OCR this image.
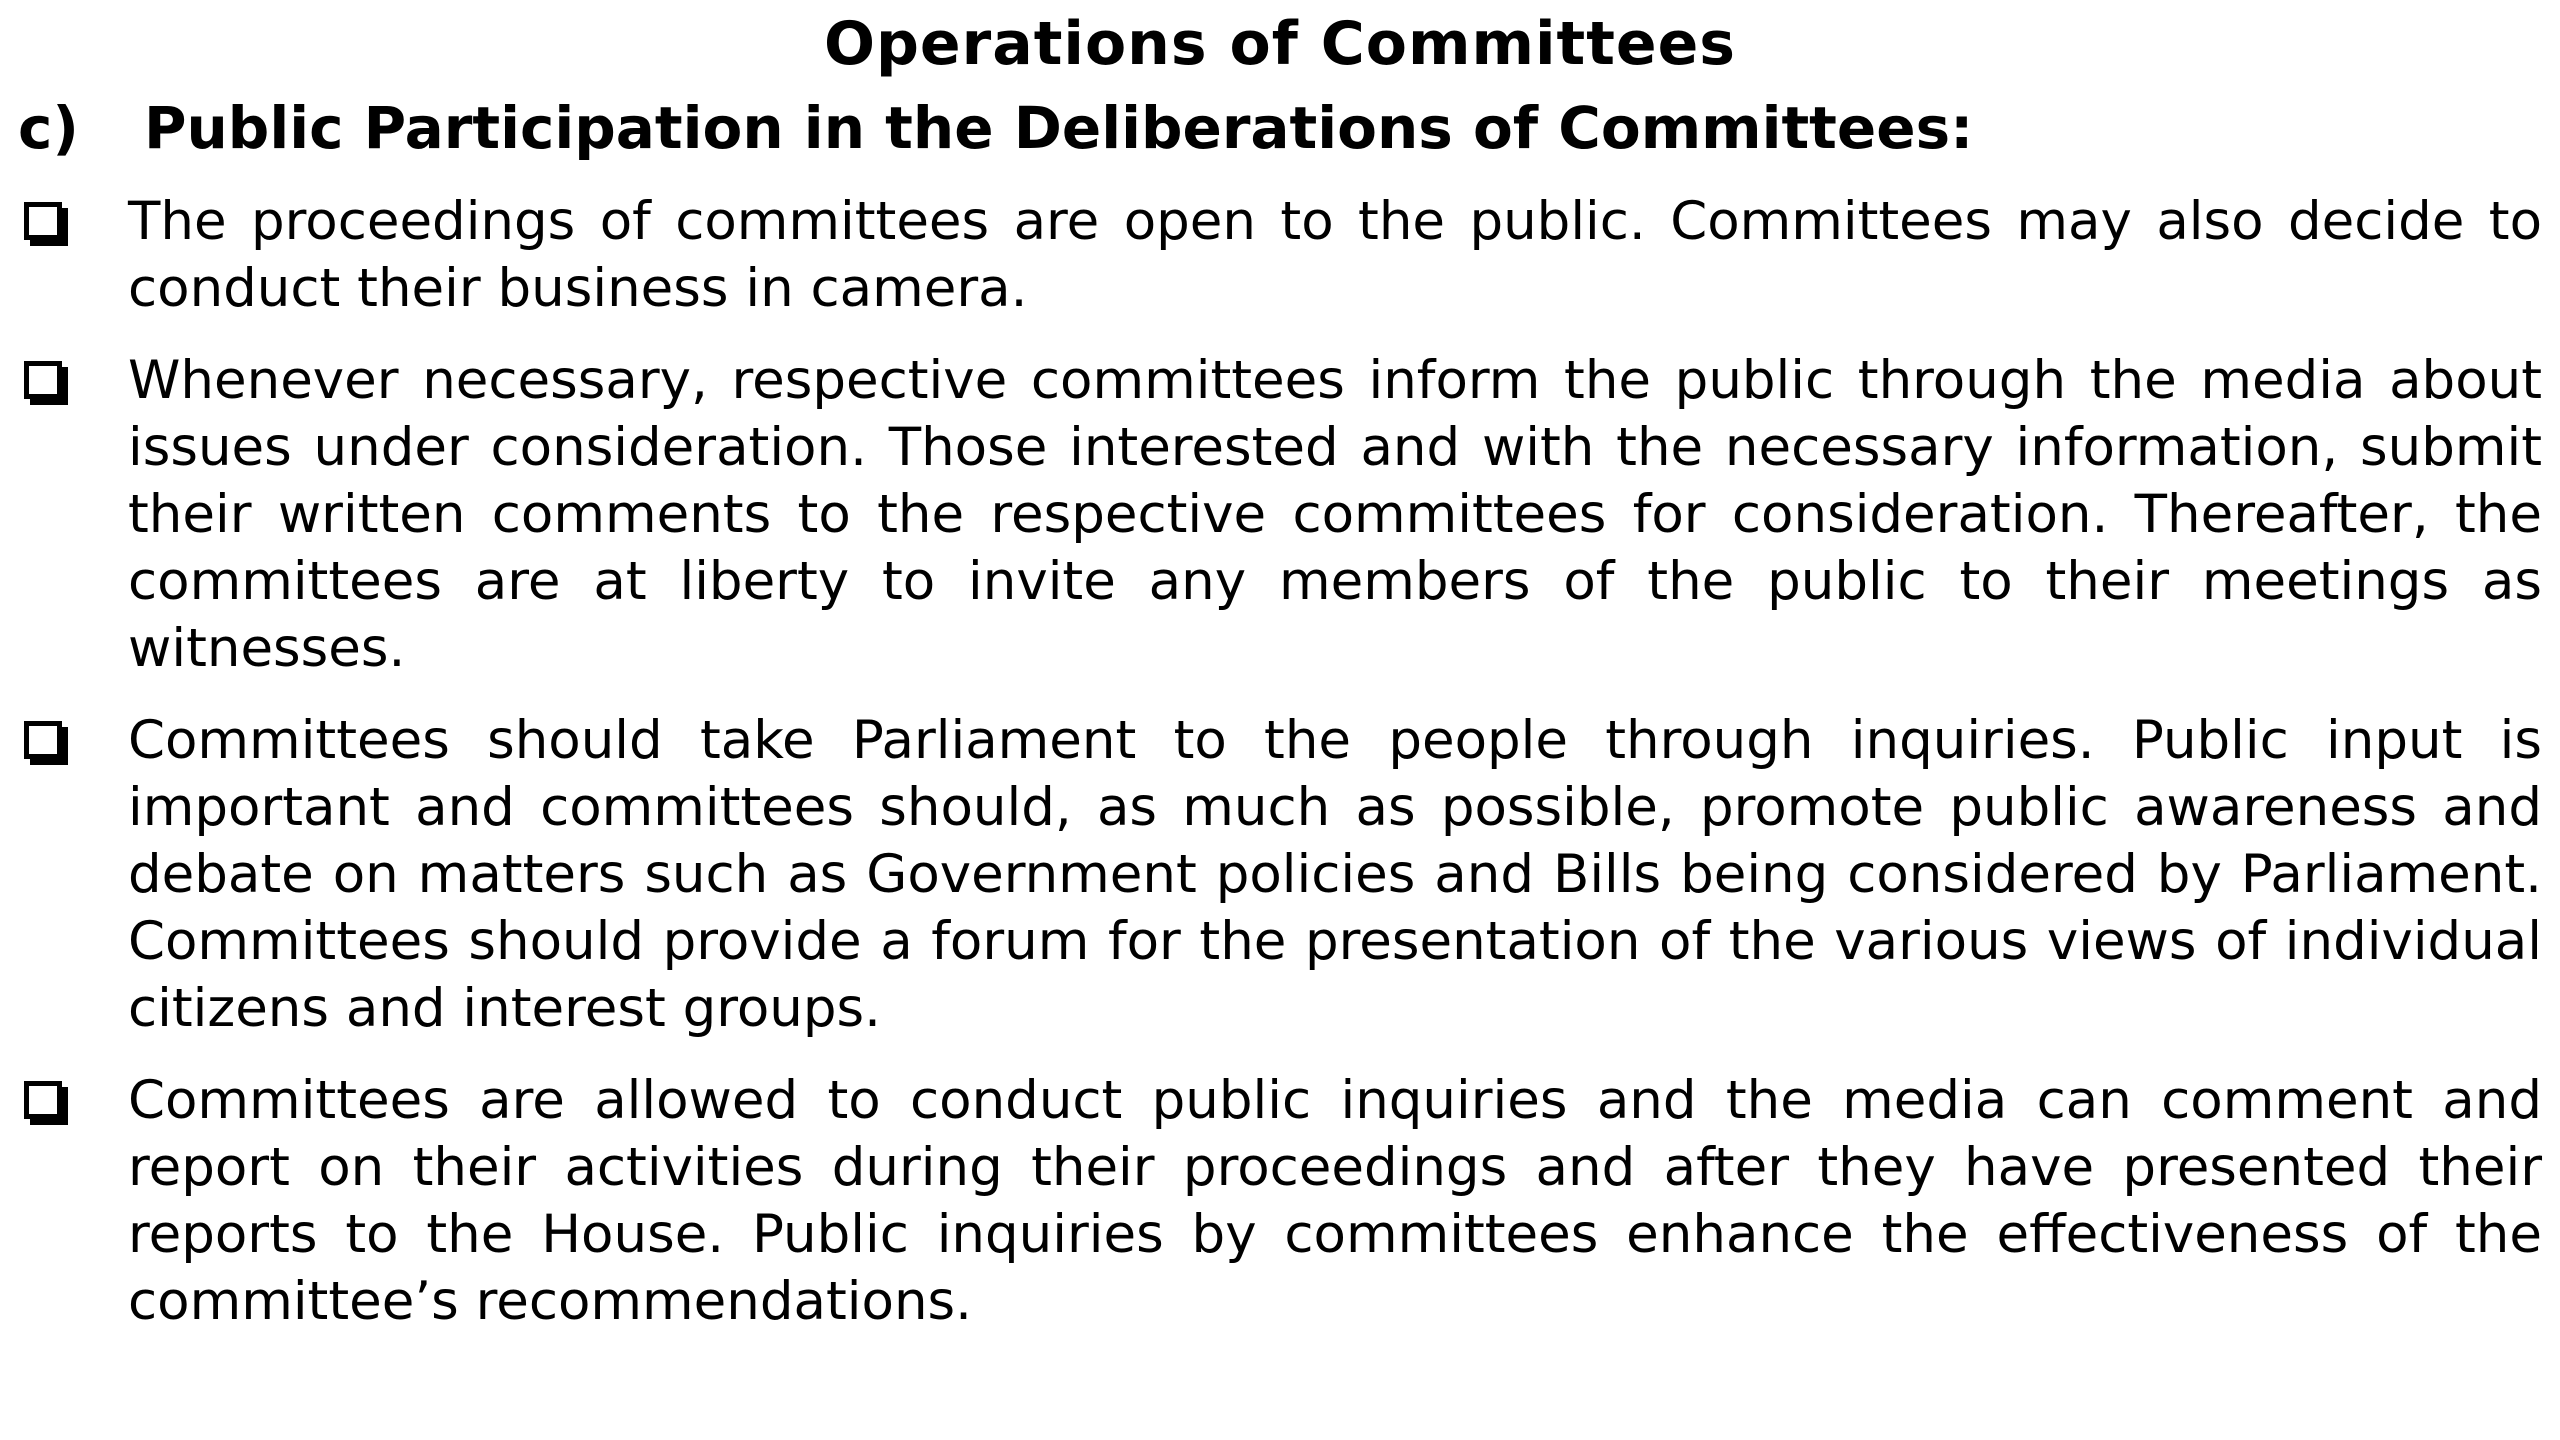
Operations of Committees
c) Public Participation in the Deliberations of Committees:
The proceedings of committees are open to the public. Committees may also decide to conduct their business in camera.
Whenever necessary, respective committees inform the public through the media about issues under consideration. Those interested and with the necessary information, submit their written comments to the respective committees for consideration. Thereafter, the committees are at liberty to invite any members of the public to their meetings as witnesses.
Committees should take Parliament to the people through inquiries. Public input is important and committees should, as much as possible, promote public awareness and debate on matters such as Government policies and Bills being considered by Parliament. Committees should provide a forum for the presentation of the various views of individual citizens and interest groups.
Committees are allowed to conduct public inquiries and the media can comment and report on their activities during their proceedings and after they have presented their reports to the House. Public inquiries by committees enhance the effectiveness of the committee’s recommendations.
